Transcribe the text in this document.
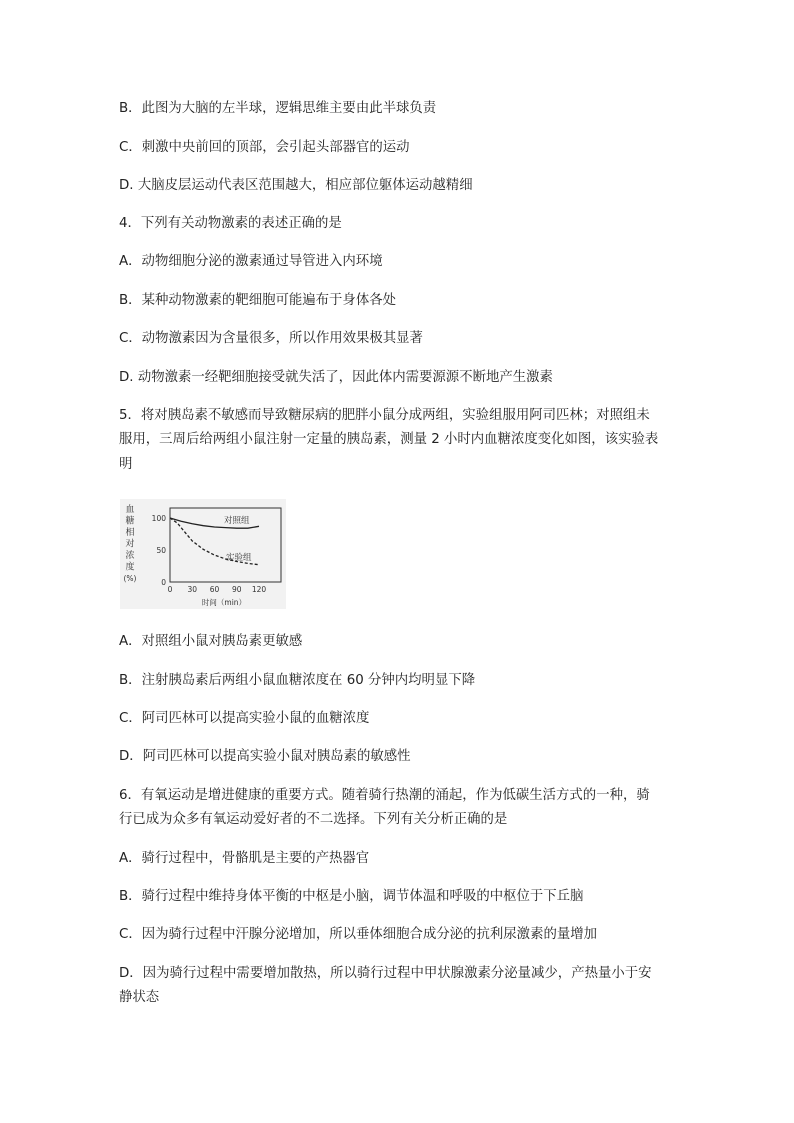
B．此图为大脑的左半球，逻辑思维主要由此半球负责
C．刺激中央前回的顶部，会引起头部器官的运动
D. 大脑皮层运动代表区范围越大，相应部位躯体运动越精细
4．下列有关动物激素的表述正确的是
A．动物细胞分泌的激素通过导管进入内环境
B．某种动物激素的靶细胞可能遍布于身体各处
C．动物激素因为含量很多，所以作用效果极其显著
D. 动物激素一经靶细胞接受就失活了，因此体内需要源源不断地产生激素
5．将对胰岛素不敏感而导致糖尿病的肥胖小鼠分成两组，实验组服用阿司匹林；对照组未
服用，三周后给两组小鼠注射一定量的胰岛素，测量 2 小时内血糖浓度变化如图，该实验表
明
血
糖
相
对
浓
度
(%)
100
50
0
0 30 60 90 120
对照组
实验组
时间（min）
A．对照组小鼠对胰岛素更敏感
B．注射胰岛素后两组小鼠血糖浓度在 60 分钟内均明显下降
C．阿司匹林可以提高实验小鼠的血糖浓度
D．阿司匹林可以提高实验小鼠对胰岛素的敏感性
6．有氧运动是增进健康的重要方式。随着骑行热潮的涌起，作为低碳生活方式的一种，骑
行已成为众多有氧运动爱好者的不二选择。下列有关分析正确的是
A．骑行过程中，骨骼肌是主要的产热器官
B．骑行过程中维持身体平衡的中枢是小脑，调节体温和呼吸的中枢位于下丘脑
C．因为骑行过程中汗腺分泌增加，所以垂体细胞合成分泌的抗利尿激素的量增加
D．因为骑行过程中需要增加散热，所以骑行过程中甲状腺激素分泌量减少，产热量小于安
静状态
